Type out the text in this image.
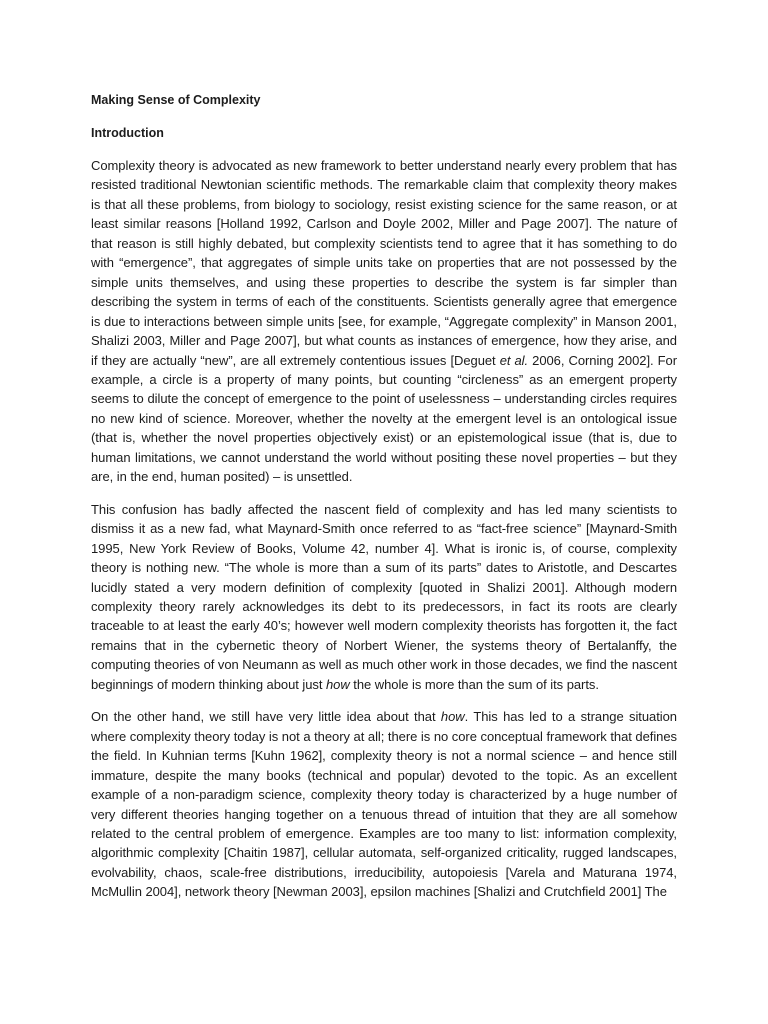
Making Sense of Complexity
Introduction

Complexity theory is advocated as new framework to better understand nearly every problem that has resisted traditional Newtonian scientific methods. The remarkable claim that complexity theory makes is that all these problems, from biology to sociology, resist existing science for the same reason, or at least similar reasons [Holland 1992, Carlson and Doyle 2002, Miller and Page 2007]. The nature of that reason is still highly debated, but complexity scientists tend to agree that it has something to do with “emergence”, that aggregates of simple units take on properties that are not possessed by the simple units themselves, and using these properties to describe the system is far simpler than describing the system in terms of each of the constituents. Scientists generally agree that emergence is due to interactions between simple units [see, for example, “Aggregate complexity” in Manson 2001, Shalizi 2003, Miller and Page 2007], but what counts as instances of emergence, how they arise, and if they are actually “new”, are all extremely contentious issues [Deguet et al. 2006, Corning 2002]. For example, a circle is a property of many points, but counting “circleness” as an emergent property seems to dilute the concept of emergence to the point of uselessness – understanding circles requires no new kind of science. Moreover, whether the novelty at the emergent level is an ontological issue (that is, whether the novel properties objectively exist) or an epistemological issue (that is, due to human limitations, we cannot understand the world without positing these novel properties – but they are, in the end, human posited) – is unsettled.

This confusion has badly affected the nascent field of complexity and has led many scientists to dismiss it as a new fad, what Maynard-Smith once referred to as “fact-free science” [Maynard-Smith 1995, New York Review of Books, Volume 42, number 4]. What is ironic is, of course, complexity theory is nothing new. “The whole is more than a sum of its parts” dates to Aristotle, and Descartes lucidly stated a very modern definition of complexity [quoted in Shalizi 2001]. Although modern complexity theory rarely acknowledges its debt to its predecessors, in fact its roots are clearly traceable to at least the early 40’s; however well modern complexity theorists has forgotten it, the fact remains that in the cybernetic theory of Norbert Wiener, the systems theory of Bertalanffy, the computing theories of von Neumann as well as much other work in those decades, we find the nascent beginnings of modern thinking about just how the whole is more than the sum of its parts.

On the other hand, we still have very little idea about that how. This has led to a strange situation where complexity theory today is not a theory at all; there is no core conceptual framework that defines the field. In Kuhnian terms [Kuhn 1962], complexity theory is not a normal science – and hence still immature, despite the many books (technical and popular) devoted to the topic. As an excellent example of a non-paradigm science, complexity theory today is characterized by a huge number of very different theories hanging together on a tenuous thread of intuition that they are all somehow related to the central problem of emergence. Examples are too many to list: information complexity, algorithmic complexity [Chaitin 1987], cellular automata, self-organized criticality, rugged landscapes, evolvability, chaos, scale-free distributions, irreducibility, autopoiesis [Varela and Maturana 1974, McMullin 2004], network theory [Newman 2003], epsilon machines [Shalizi and Crutchfield 2001] The
